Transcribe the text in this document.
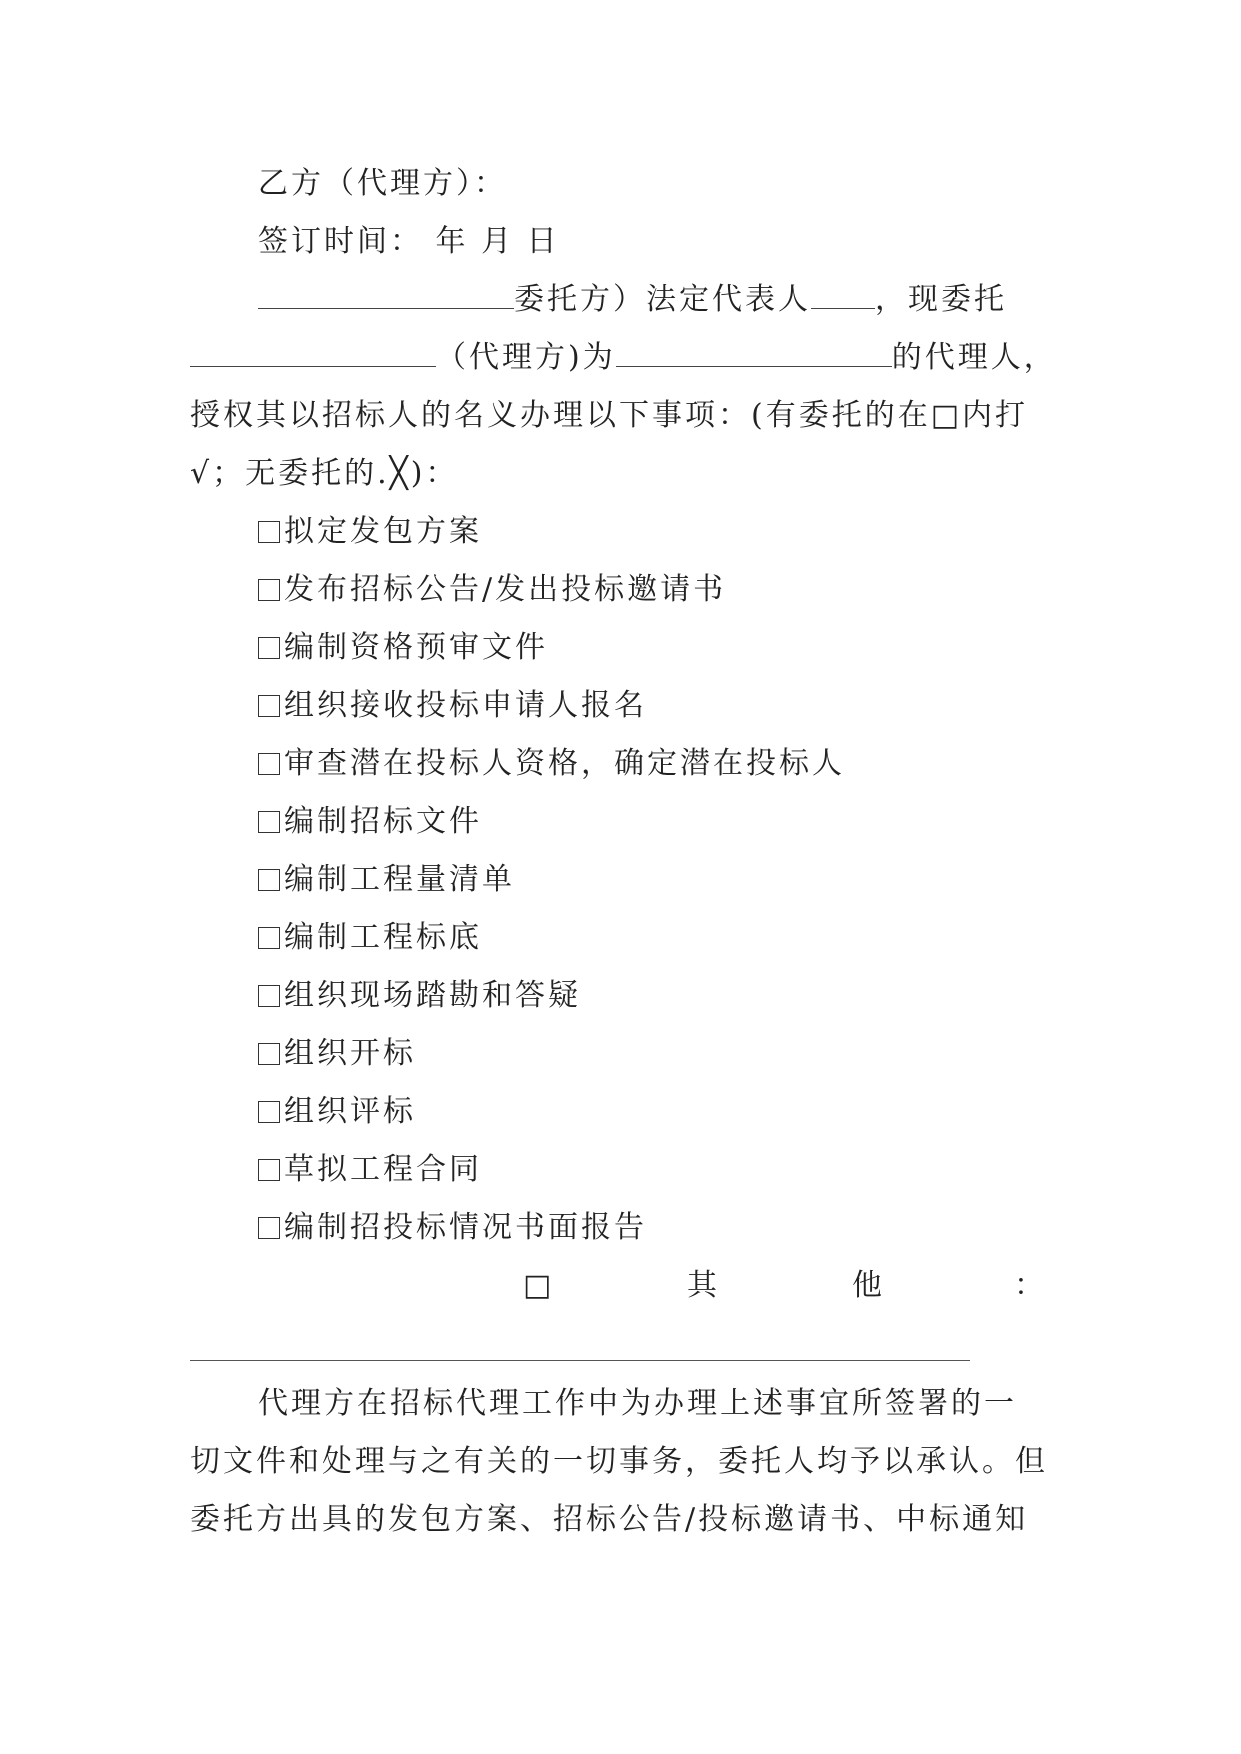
乙方（代理方）：
签订时间： 年 月 日
委托方）法定代表人 ，现委托
（代理方)为	的代理人，
授权其以招标人的名义办理以下事项：(有委托的在□内打
√；无委托的.╳)：
拟定发包方案
发布招标公告/发出投标邀请书
编制资格预审文件
组织接收投标申请人报名
审查潜在投标人资格，确定潜在投标人
编制招标文件
编制工程量清单
编制工程标底
组织现场踏勘和答疑
组织开标
组织评标
草拟工程合同
编制招投标情况书面报告
□	其	他	：
代理方在招标代理工作中为办理上述事宜所签署的一
切文件和处理与之有关的一切事务，委托人均予以承认。但
委托方出具的发包方案、招标公告/投标邀请书、中标通知
